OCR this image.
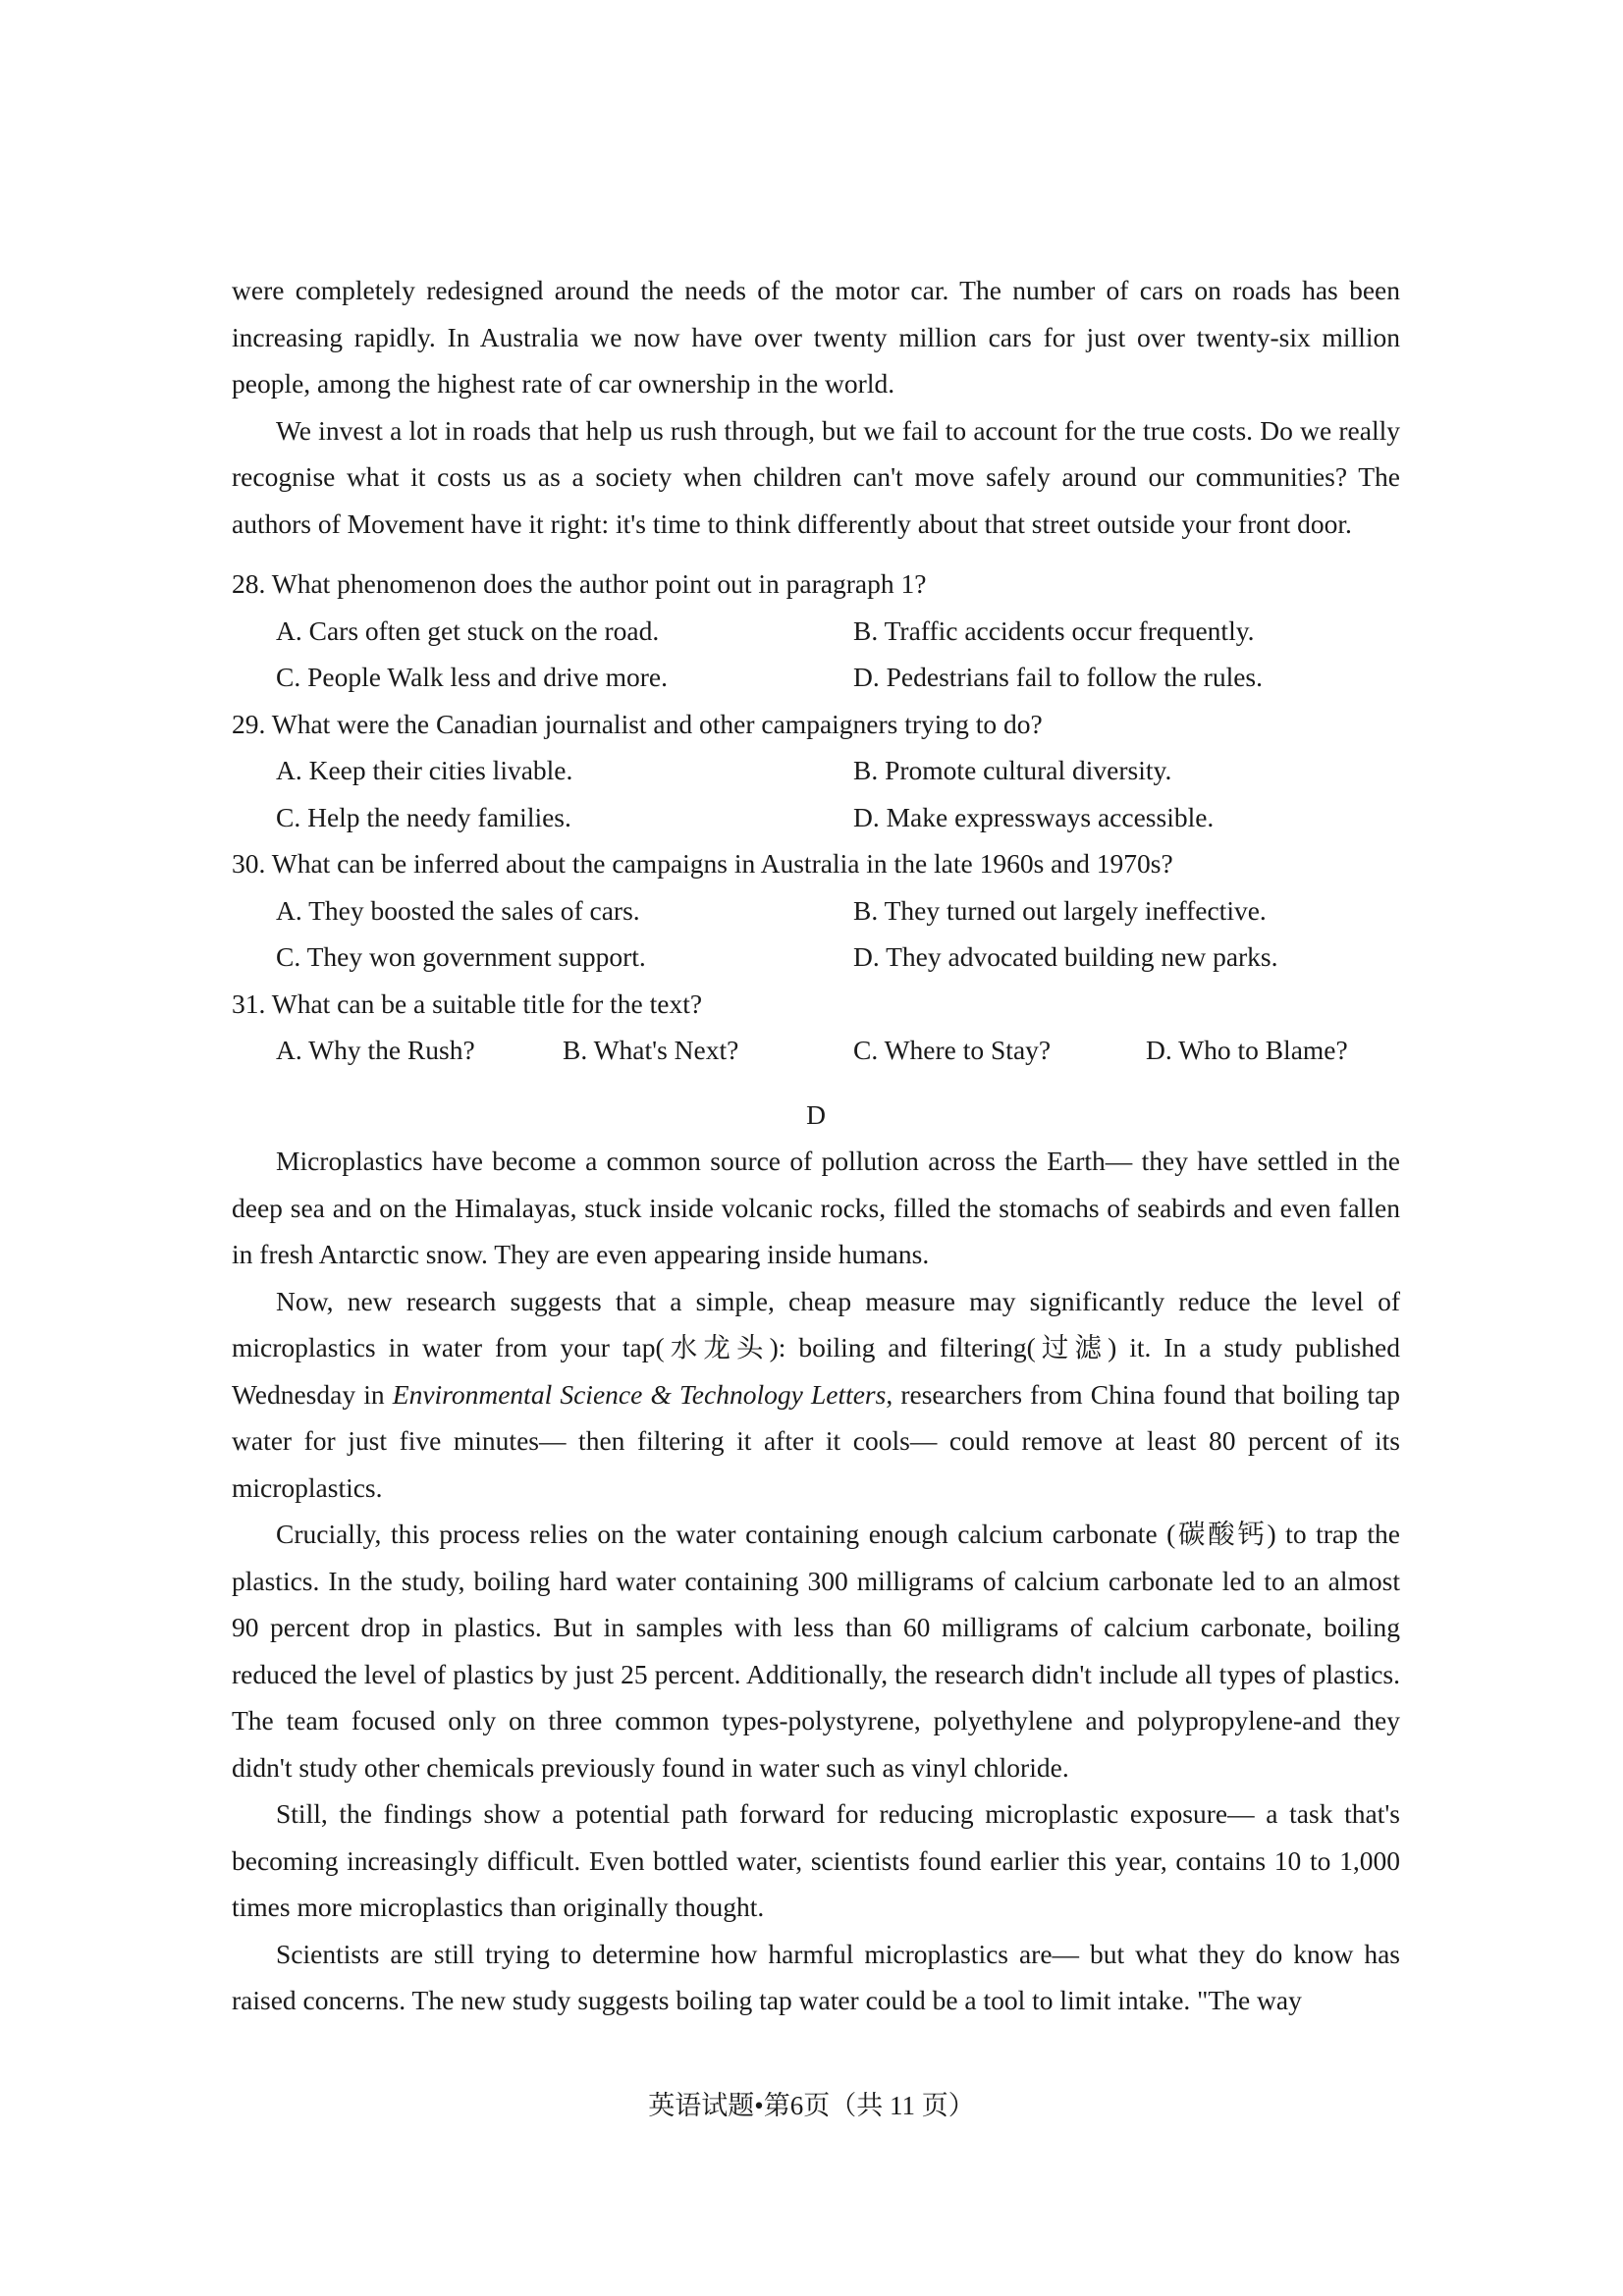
were completely redesigned around the needs of the motor car. The number of cars on roads has been increasing rapidly. In Australia we now have over twenty million cars for just over twenty-six million people, among the highest rate of car ownership in the world.

We invest a lot in roads that help us rush through, but we fail to account for the true costs. Do we really recognise what it costs us as a society when children can't move safely around our communities? The authors of Movement have it right: it's time to think differently about that street outside your front door.

28. What phenomenon does the author point out in paragraph 1?

A. Cars often get stuck on the road.	B. Traffic accidents occur frequently.
C. People Walk less and drive more.	D. Pedestrians fail to follow the rules.

29. What were the Canadian journalist and other campaigners trying to do?

A. Keep their cities livable.	B. Promote cultural diversity.
C. Help the needy families.	D. Make expressways accessible.

30. What can be inferred about the campaigns in Australia in the late 1960s and 1970s?

A. They boosted the sales of cars.	B. They turned out largely ineffective.
C. They won government support.	D. They advocated building new parks.

31. What can be a suitable title for the text?

A. Why the Rush?	B. What's Next?	C. Where to Stay?	D. Who to Blame?

D

Microplastics have become a common source of pollution across the Earth— they have settled in the deep sea and on the Himalayas, stuck inside volcanic rocks, filled the stomachs of seabirds and even fallen in fresh Antarctic snow. They are even appearing inside humans.

Now, new research suggests that a simple, cheap measure may significantly reduce the level of microplastics in water from your tap(水龙头): boiling and filtering(过滤) it. In a study published Wednesday in Environmental Science & Technology Letters, researchers from China found that boiling tap water for just five minutes— then filtering it after it cools— could remove at least 80 percent of its microplastics.

Crucially, this process relies on the water containing enough calcium carbonate (碳酸钙) to trap the plastics. In the study, boiling hard water containing 300 milligrams of calcium carbonate led to an almost 90 percent drop in plastics. But in samples with less than 60 milligrams of calcium carbonate, boiling reduced the level of plastics by just 25 percent. Additionally, the research didn't include all types of plastics. The team focused only on three common types-polystyrene, polyethylene and polypropylene-and they didn't study other chemicals previously found in water such as vinyl chloride.

Still, the findings show a potential path forward for reducing microplastic exposure— a task that's becoming increasingly difficult. Even bottled water, scientists found earlier this year, contains 10 to 1,000 times more microplastics than originally thought.

Scientists are still trying to determine how harmful microplastics are— but what they do know has raised concerns. The new study suggests boiling tap water could be a tool to limit intake. "The way

英语试题•第6页（共 11 页）
